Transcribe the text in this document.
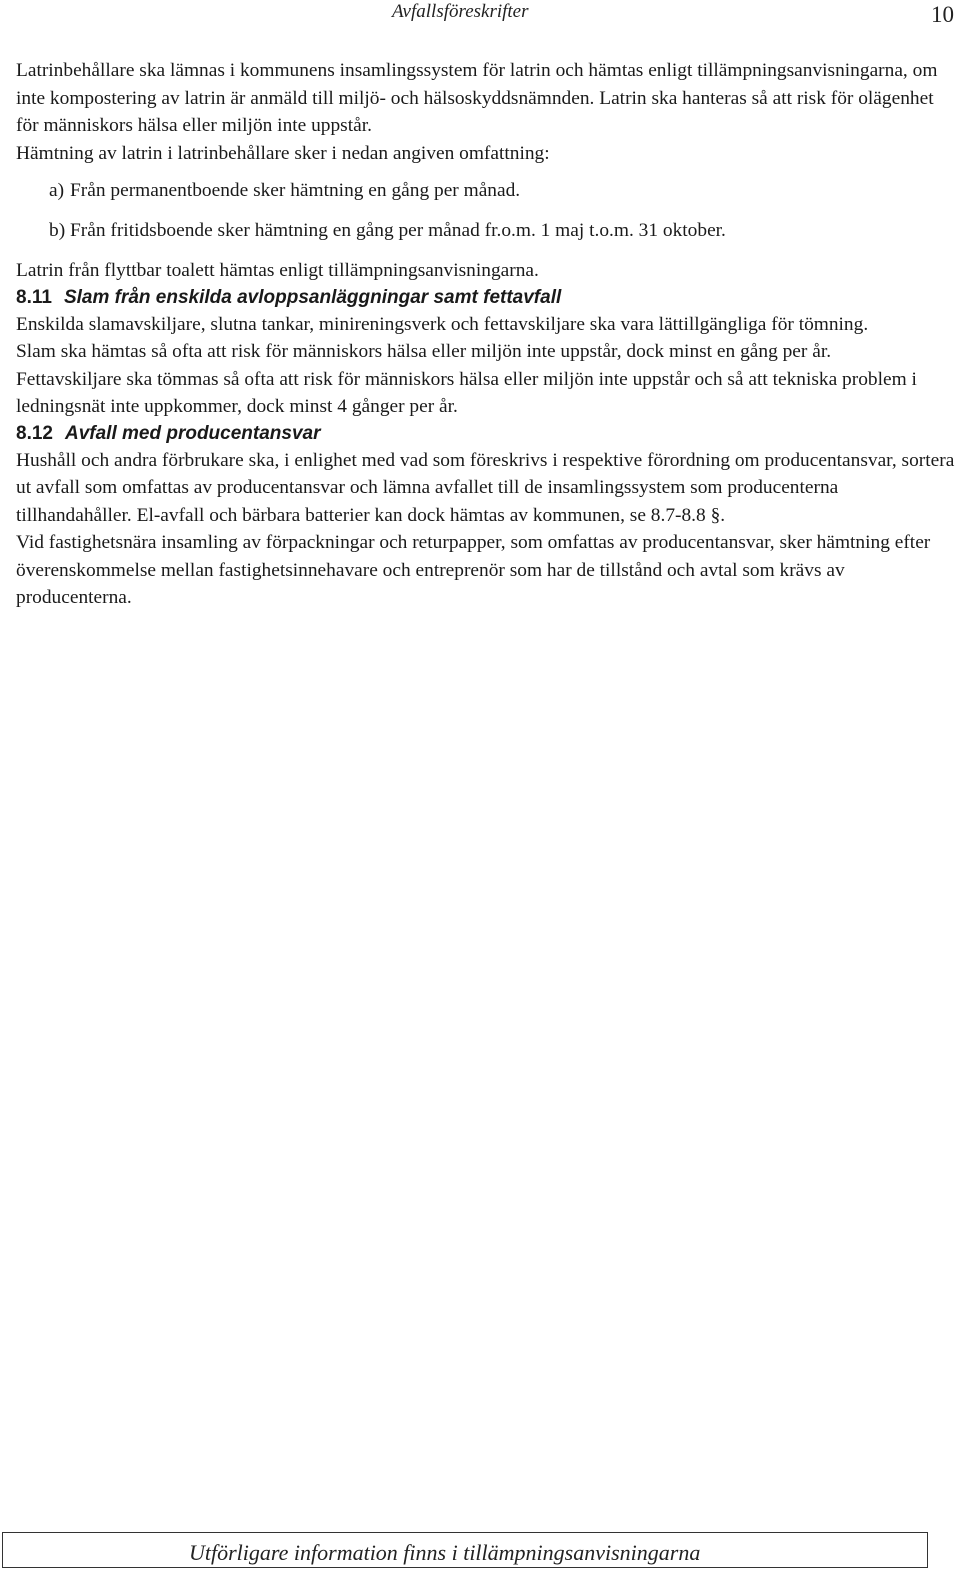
Avfallsföreskrifter	10

Latrinbehållare ska lämnas i kommunens insamlingssystem för latrin och hämtas enligt tillämpningsanvisningarna, om inte kompostering av latrin är anmäld till miljö- och hälsoskyddsnämnden. Latrin ska hanteras så att risk för olägenhet för människors hälsa eller miljön inte uppstår.

Hämtning av latrin i latrinbehållare sker i nedan angiven omfattning:

a) Från permanentboende sker hämtning en gång per månad.
b) Från fritidsboende sker hämtning en gång per månad fr.o.m. 1 maj t.o.m. 31 oktober.

Latrin från flyttbar toalett hämtas enligt tillämpningsanvisningarna.

8.11 Slam från enskilda avloppsanläggningar samt fettavfall

Enskilda slamavskiljare, slutna tankar, minireningsverk och fettavskiljare ska vara lättillgängliga för tömning.

Slam ska hämtas så ofta att risk för människors hälsa eller miljön inte uppstår, dock minst en gång per år.

Fettavskiljare ska tömmas så ofta att risk för människors hälsa eller miljön inte uppstår och så att tekniska problem i ledningsnät inte uppkommer, dock minst 4 gånger per år.

8.12 Avfall med producentansvar

Hushåll och andra förbrukare ska, i enlighet med vad som föreskrivs i respektive förordning om producentansvar, sortera ut avfall som omfattas av producentansvar och lämna avfallet till de insamlingssystem som producenterna tillhandahåller. El-avfall och bärbara batterier kan dock hämtas av kommunen, se 8.7-8.8 §.

Vid fastighetsnära insamling av förpackningar och returpapper, som omfattas av producentansvar, sker hämtning efter överenskommelse mellan fastighetsinnehavare och entreprenör som har de tillstånd och avtal som krävs av producenterna.

Utförligare information finns i tillämpningsanvisningarna
